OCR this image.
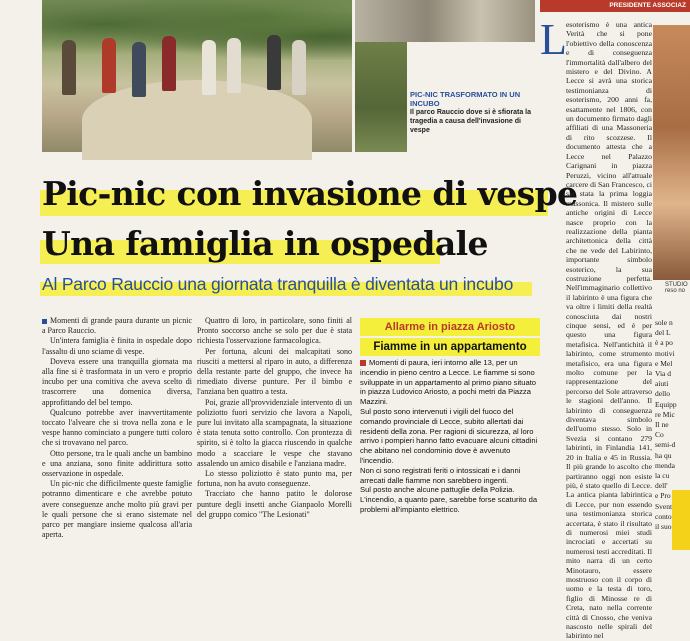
PIC-NIC TRASFORMATO IN UN INCUBO
Il parco Rauccio dove si è sfiorata la tragedia a causa dell'invasione di vespe
Pic-nic con invasione di vespe
Una famiglia in ospedale
Al Parco Rauccio una giornata tranquilla è diventata un incubo

Momenti di grande paura durante un picnic a Parco Rauccio.

Un'intera famiglia è finita in ospedale dopo l'assalto di uno sciame di vespe.

Doveva essere una tranquilla giornata ma alla fine si è trasformata in un vero e proprio incubo per una comitiva che aveva scelto di trascorrere una domenica diversa, approfittando del bel tempo.

Qualcuno potrebbe aver inavvertitamente toccato l'alveare che si trova nella zona e le vespe hanno cominciato a pungere tutti coloro che si trovavano nel parco.

Otto persone, tra le quali anche un bambino e una anziana, sono finite addirittura sotto osservazione in ospedale.

Un pic-nic che difficilmente queste famiglie potranno dimenticare e che avrebbe potuto avere conseguenze anche molto più gravi per le quali persone che si erano sistemate nel parco per mangiare insieme qualcosa all'aria aperta.

Quattro di loro, in particolare, sono finiti al Pronto soccorso anche se solo per due è stata richiesta l'osservazione farmacologica.

Per fortuna, alcuni dei malcapitati sono riusciti a mettersi al riparo in auto, a differenza della restante parte del gruppo, che invece ha rimediato diverse punture. Per il bimbo e l'anziana ben quattro a testa.

Poi, grazie all'provvidenziale intervento di un poliziotto fuori servizio che lavora a Napoli, pure lui invitato alla scampagnata, la situazione è stata tenuta sotto controllo. Con prontezza di spirito, si è tolto la giacca riuscendo in qualche modo a scacciare le vespe che stavano assalendo un amico disabile e l'anziana madre.

Lo stesso poliziotto è stato punto ma, per fortuna, non ha avuto conseguenze.

Tracciato che hanno patito le dolorose punture degli insetti anche Gianpaolo Morelli del gruppo comico "The Lesionati"

Allarme in piazza Ariosto
Fiamme in un appartamento
Momenti di paura, ieri intorno alle 13, per un incendio in pieno centro a Lecce. Le fiamme si sono sviluppate in un appartamento al primo piano situato in piazza Ludovico Ariosto, a pochi metri da Piazza Mazzini.
Sul posto sono intervenuti i vigili del fuoco del comando provinciale di Lecce, subito allertati dai residenti della zona. Per ragioni di sicurezza, al loro arrivo i pompieri hanno fatto evacuare alcuni cittadini che abitano nel condominio dove è avvenuto l'incendio.
Non ci sono registrati feriti o intossicati e i danni arrecati dalle fiamme non sarebbero ingenti.
Sul posto anche alcune pattuglie della Polizia. L'incendio, a quanto pare, sarebbe forse scaturito da problemi all'impianto elettrico.
PRESIDENTE ASSOCIAZ
L esoterismo è una antica Verità che si pone l'obiettivo della conoscenza e di conseguenza l'immortalità dall'albero del mistero e del Divino. A Lecce si avrà una storica testimonianza di esoterismo, 200 anni fa, esattamente nel 1806, con un documento firmato dagli affiliati di una Massoneria di rito scozzese. Il documento attesta che a Lecce nel Palazzo Carignani in piazza Peruzzi, vicino all'attuale carcere di San Francesco, ci sia stata la prima loggia massonica. Il mistero sulle antiche origini di Lecce nasce proprio con la realizzazione della pianta architettonica della città che ne vede del Labirinto, importante simbolo esoterico, la sua costruzione perfetta. Nell'immaginario collettivo il labirinto è una figura che va oltre i limiti della realtà conosciuta dai nostri cinque sensi, ed è per questo una figura metafisica. Nell'antichità il labirinto, come strumento metafisico, era una figura molto comune per la rappresentazione del percorso del Sole attraverso le stagioni dell'anno. Il labirinto di conseguenza diventava simbolo dell'uomo stesso. Solo in Svezia si contano 279 labirinti, in Finlandia 141, 20 in Italia e 45 in Russia. Il più grande lo ascolto che partiranno oggi non esiste più, è stato quello di Lecce. La antica pianta labirintica di Lecce, pur non essendo una testimonianza storica accertata, è stato il risultato di numerosi miei studi incrociati e accertati su numerosi testi accreditati. Il mito narra di un certo Minotauro, essere mostruoso con il corpo di uomo e la testa di toro, figlio di Minosse re di Creta, nato nella corrente città di Cnosso, che veniva nascosto nelle spirali del labirinto nel

STUDIO reso no
sole n
del L
è a po
motivi
e Mel
Via d
aiuti
dello
Equipp
re Mic
Il ne
Co
semi-d
ha qu
menda
la cu
dell'
e Pro
Svent
conto
il suo
